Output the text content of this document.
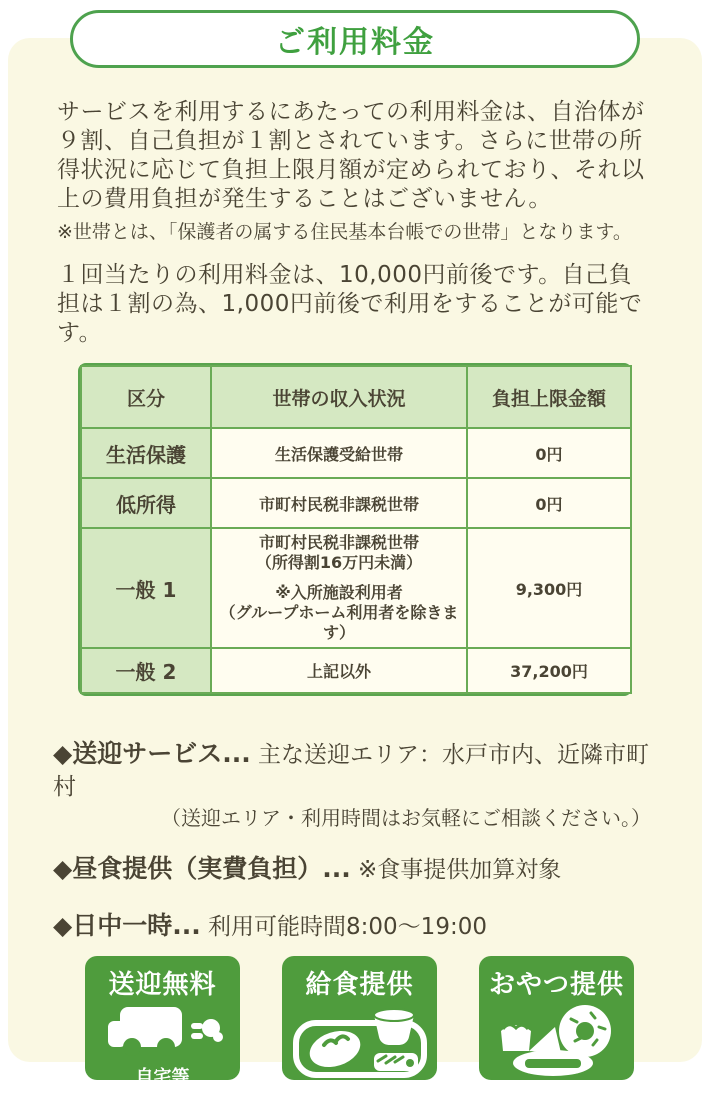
ご利用料金

サービスを利用するにあたっての利用料金は、自治体が９割、自己負担が１割とされています。さらに世帯の所得状況に応じて負担上限月額が定められており、それ以上の費用負担が発生することはございません。

※世帯とは、「保護者の属する住民基本台帳での世帯」となります。

１回当たりの利用料金は、10,000円前後です。自己負担は１割の為、1,000円前後で利用をすることが可能です。

区分	世帯の収入状況	負担上限金額
生活保護	生活保護受給世帯	0円
低所得	市町村民税非課税世帯	0円
一般 1	市町村民税非課税世帯
（所得割16万円未満）
※入所施設利用者
（グループホーム利用者を除きます）	9,300円
一般 2	上記以外	37,200円
◆送迎サービス... 主な送迎エリア：水戸市内、近隣市町村
（送迎エリア・利用時間はお気軽にご相談ください。）
◆昼食提供（実費負担）... ※食事提供加算対象
◆日中一時... 利用可能時間8:00～19:00
送迎無料
自宅等
給食提供	おやつ提供
